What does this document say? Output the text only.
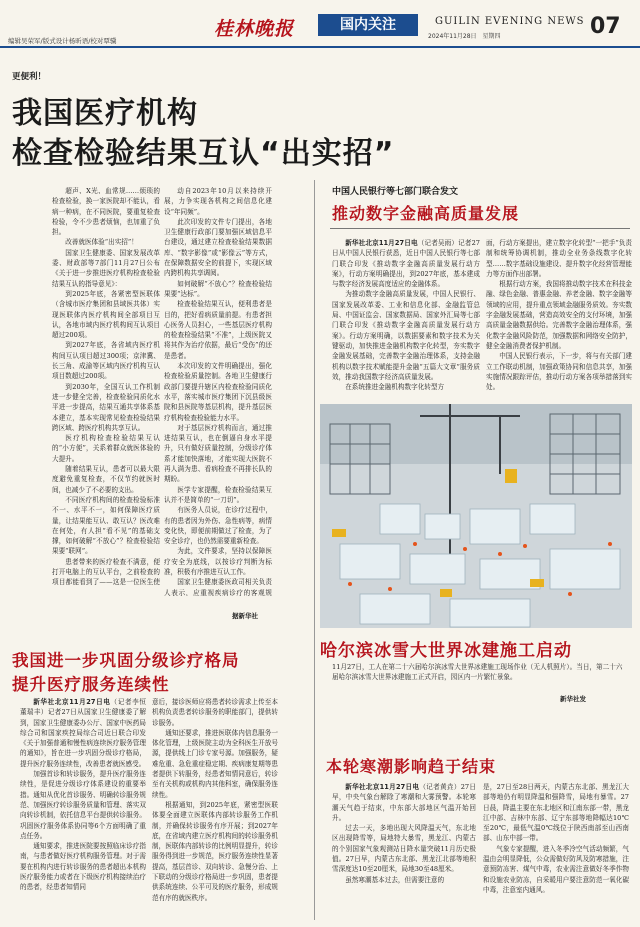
编辑吴荣军/版式设计杨昕语/校对覃骥
桂林晚报	国内关注	GUILIN EVENING NEWS
2024年11月28日　星期四	07
更便利！
我国医疗机构
检查检验结果互认“出实招”

超声、X光、血常规……烦琐的检查检验，换一家医院却不能认，看病一种病，在不同医院，要重复检查检验，令不少患者烦恼，也加重了负担。

改善就医体验“出实招”！

国家卫生健康委、国家发展改革委、财政部等7部门11月27日公布《关于进一步推进医疗机构检查检验结果互认的指导意见》：

到2025年底，各紧密型医联体（含城市医疗集团和县域医共体）实现医联体内医疗机构间全部项目互认，各地市域内医疗机构间互认项目超过200项。

到2027年底，各省域内医疗机构间互认项目超过300项；京津冀、长三角、成渝等区域内医疗机构互认项目数超过200项。

到2030年，全国互认工作机制进一步健全完善，检查检验同质化水平进一步提高，结果互通共享体系基本建立，基本实现常见检查检验结果跨区域、跨医疗机构共享互认。

医疗机构检查检验结果互认的“小方便”，关系着群众就医体验的大提升。

随着结果互认，患者可以最大限度避免重复检查，不仅节约就医时间，也减少了不必要的支出。

不同医疗机构间的检查检验标准不一、水平不一，如何保障医疗质量，让结果能互认、敢互认？医改难在何处，有人担“看不见”的基础支撑，如何破解“不放心”？检查检验结果要“联网”。

患者带来的医疗检查不满意，便打开电脑上的互认平台，之前检查的项目都能看到了——这是一位医生使

动自2023年10月以来持续开展，力争实现各机构之间信息化建设“年同频”。

此次印发的文件专门提出，各地卫生健康行政部门要加强区域信息平台建设，通过建立检查检验结果数据库、“数字影像”或“影像云”等方式，在保障数据安全的前提下，实现区域内跨机构共享调阅。

如何破解“不放心”？检查检验结果要“达标”。

检查检验结果互认，便利患者是目的，把好看病质量前提。有患者担心医务人员担心，一些基层医疗机构的检查检验结果“不准”，上级医院又将其作为治疗依据，最后“受伤”的还是患者。

本次印发的文件明确提出，强化检查检验质量控制。各地卫生健康行政部门要提升辖区内检查检验同质化水平，落实城市医疗集团下沉县级医院和县医院等基层机构，提升基层医疗机构检查检验能力水平。

对于基层医疗机构而言，通过推进结果互认，也在倒逼自身水平提升，只有做好质量控制，分级诊疗体系才能加快落地，才能实现大医院不再人满为患、看病检查不再排长队的期盼。

医学专家提醒，检查检验结果互认并不是简单的“一刀切”。

有医务人员说，在诊疗过程中，有的患者因为外伤、急性病等，病情变化快，即便前期做过了检查，为了安全诊疗，也仍然需要重新检查。

为此，文件要求，坚持以保障医疗安全为底线，以按诊疗判断为标准，积极有序推进互认工作。

国家卫生健康委医政司相关负责人表示，应重视疾病诊疗的客观规

据新华社
中国人民银行等七部门联合发文
推动数字金融高质量发展

新华社北京11月27日电（记者吴雨）记者27日从中国人民银行获悉，近日中国人民银行等七部门联合印发《推动数字金融高质量发展行动方案》，行动方案明确提出，到2027年底，基本建成与数字经济发展高度适应的金融体系。

为推动数字金融高质量发展，中国人民银行、国家发展改革委、工业和信息化部、金融监管总局、中国证监会、国家数据局、国家外汇局等七部门联合印发《推动数字金融高质量发展行动方案》。行动方案明确，以数据要素和数字技术为关键驱动，加快推进金融机构数字化转型，夯实数字金融发展基础，完善数字金融治理体系，支持金融机构以数字技术赋能提升金融“五篇大文章”服务质效，推动我国数字经济高质量发展。

在系统推进金融机构数字化转型方

面，行动方案提出，建立数字化转型“一把手”负责制和统筹协调机制，推动全业务条线数字化转型……数字基础设施建设、提升数字化经营管理能力等方面作出部署。

根据行动方案，我国将推动数字技术在科技金融、绿色金融、普惠金融、养老金融、数字金融等领域的应用，提升重点领域金融服务质效。夯实数字金融发展基础，营造高效安全的支付环境，加强高质量金融数据供给。完善数字金融治理体系，强化数字金融风险防范，加强数据和网络安全防护，健全金融消费者保护机制。

中国人民银行表示，下一步，将与有关部门建立工作联动机制，加强政策协同和信息共享，加强实施情况跟踪评估，推动行动方案各项举措落到实处。

哈尔滨冰雪大世界冰建施工启动
11月27日，工人在第二十六届哈尔滨冰雪大世界冰建施工现场作业（无人机照片）。当日，第二十六届哈尔滨冰雪大世界冰建施工正式开启，园区内一片繁忙景象。
新华社发
本轮寒潮影响趋于结束

新华社北京11月27日电（记者黄垚）27日早，中央气象台解除了寒潮和大雾预警。本轮寒潮天气趋于结束，中东部大部地区气温开始回升。

过去一天，多地出现大风降温天气，东北地区出现降雪等，局地特大暴雪，黑龙江、内蒙古的个别国家气象观测站日降水量突破11月历史极值。27日早，内蒙古东北部、黑龙江北部等地积雪深度达10至20厘米，局地30至48厘米。

虽然寒潮基本过去，但需要注意的

是，27日至28日两天，内蒙古东北部、黑龙江大部等地仍有明显降温和强降雪，局地有暴雪。27日晨，降温主要在东北地区和江南东部一带，黑龙江中部、吉林中东部、辽宁东部等地降幅达10℃至20℃，最低气温0℃线位于陕西南部至山西南部、山东中部一带。

气象专家提醒，进入冬季冷空气活动频繁，气温由会明显降低，公众需做好防风及防寒措施，注意预防冻害、煤气中毒，农业需注意做好冬季作物和设施农业防冻，自采暖用户要注意防范一氧化碳中毒，注意室内通风。

我国进一步巩固分级诊疗格局
提升医疗服务连续性

新华社北京11月27日电（记者李恒　董瑞丰）记者27日从国家卫生健康委了解到，国家卫生健康委办公厅、国家中医药局综合司和国家疾控局综合司近日联合印发《关于加强普通和慢性病连续医疗服务管理的通知》，旨在进一步巩固分级诊疗格局，提升医疗服务连续性，改善患者就医感受。

加强首诊和转诊服务，提升医疗服务连续性，是促进分级诊疗体系建设的重要举措。通知从优化首诊服务、明确转诊服务规范、加强医疗转诊服务质量和管理、落实双向转诊机制，依托信息平台提供转诊服务。巩固医疗服务体系协同等6个方面明确了重点任务。

通知要求，推进医院要按照临床诊疗指南，与患者做好医疗机构服务管理。对于需要在机构内进行转诊服务的患者超出本机构医疗服务能力或者在下级医疗机构接续治疗的患者，经患者知情同

意后，接诊医师应将患者转诊需求上传至本机构负责患者转诊服务的职能部门，提供转诊服务。

通知还要求，推进医联体内信息服务一体化管理，上级医院主动为全科医生开放号源，提供线上门诊专家号源。加强服务，疑难危重、急危重症稳定期、疾病康复期等患者提供下转服务，经患者知情同意后，转诊至有关机构或机构内其他科室，确保服务连续性。

根据通知，到2025年底，紧密型医联体要全面建立医联体内部转诊服务工作机制，并确保转诊服务有序开展；到2027年底，在省域内建立医疗机构间的转诊服务机制，医联体内部转诊的比例明显提升，转诊服务得到进一步规范，医疗服务连续性显著提高，基层首诊、双向转诊、急慢分治、上下联动的分级诊疗格局进一步巩固，患者提供系统连续、公平可及的医疗服务，形成规范有序的就医秩序。
